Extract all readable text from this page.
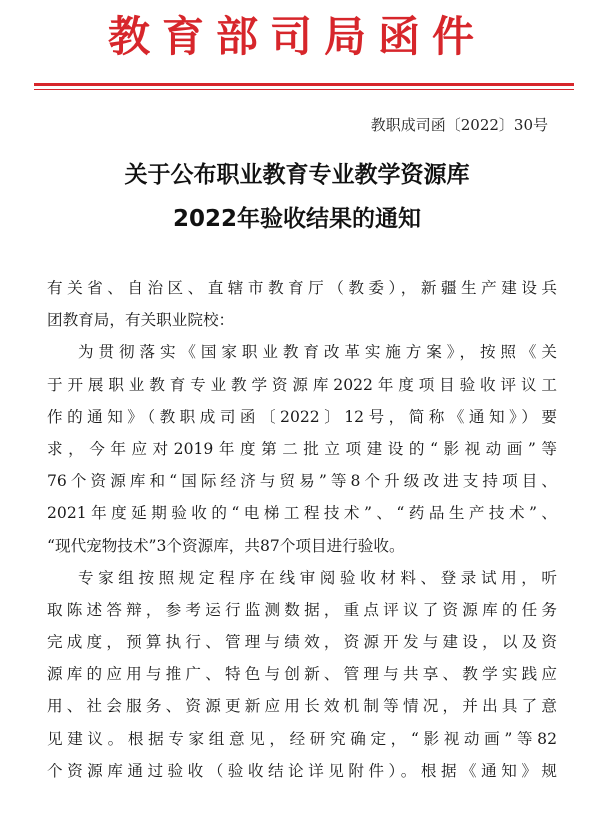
教育部司局函件
教职成司函〔2022〕30号
关于公布职业教育专业教学资源库
2022年验收结果的通知
有关省、自治区、直辖市教育厅（教委），新疆生产建设兵
团教育局，有关职业院校：
为贯彻落实《国家职业教育改革实施方案》，按照《关
于开展职业教育专业教学资源库2022年度项目验收评议工
作的通知》（教职成司函〔2022〕12号，简称《通知》）要
求，今年应对2019年度第二批立项建设的“影视动画”等
76个资源库和“国际经济与贸易”等8个升级改进支持项目、
2021年度延期验收的“电梯工程技术”、“药品生产技术”、
“现代宠物技术”3个资源库，共87个项目进行验收。
专家组按照规定程序在线审阅验收材料、登录试用，听
取陈述答辩，参考运行监测数据，重点评议了资源库的任务
完成度，预算执行、管理与绩效，资源开发与建设，以及资
源库的应用与推广、特色与创新、管理与共享、教学实践应
用、社会服务、资源更新应用长效机制等情况，并出具了意
见建议。根据专家组意见，经研究确定，“影视动画”等82
个资源库通过验收（验收结论详见附件）。根据《通知》规
